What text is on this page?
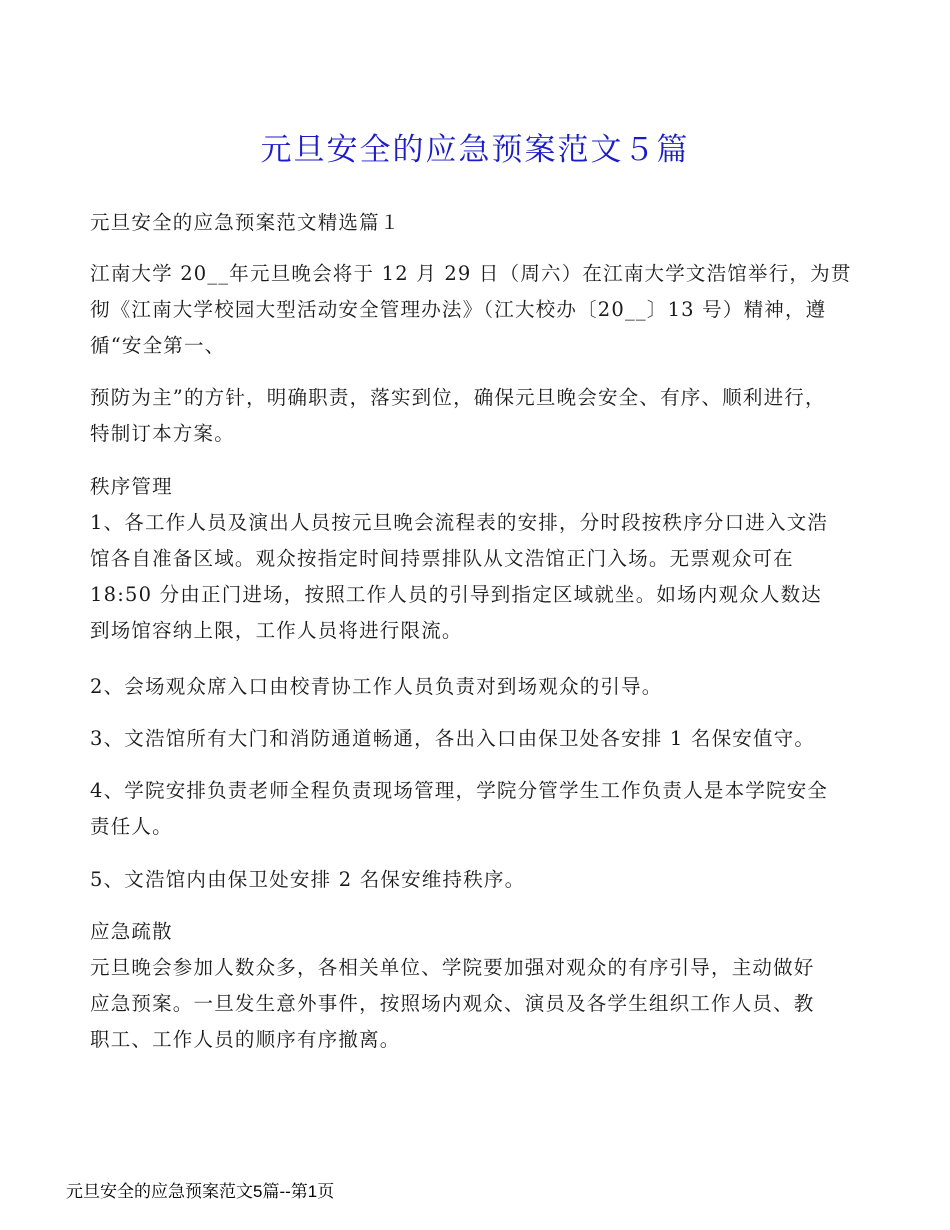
元旦安全的应急预案范文５篇
元旦安全的应急预案范文精选篇１
江南大学 20__年元旦晚会将于 12 月 29 日（周六）在江南大学文浩馆举行，为贯
彻《江南大学校园大型活动安全管理办法》（江大校办〔20__〕13 号）精神，遵
循“安全第一、
预防为主”的方针，明确职责，落实到位，确保元旦晚会安全、有序、顺利进行，
特制订本方案。
秩序管理
1、各工作人员及演出人员按元旦晚会流程表的安排，分时段按秩序分口进入文浩
馆各自准备区域。观众按指定时间持票排队从文浩馆正门入场。无票观众可在
18:50 分由正门进场，按照工作人员的引导到指定区域就坐。如场内观众人数达
到场馆容纳上限，工作人员将进行限流。
2、会场观众席入口由校青协工作人员负责对到场观众的引导。
3、文浩馆所有大门和消防通道畅通，各出入口由保卫处各安排 1 名保安值守。
4、学院安排负责老师全程负责现场管理，学院分管学生工作负责人是本学院安全
责任人。
5、文浩馆内由保卫处安排 2 名保安维持秩序。
应急疏散
元旦晚会参加人数众多，各相关单位、学院要加强对观众的有序引导，主动做好
应急预案。一旦发生意外事件，按照场内观众、演员及各学生组织工作人员、教
职工、工作人员的顺序有序撤离。
元旦安全的应急预案范文5篇--第1页
